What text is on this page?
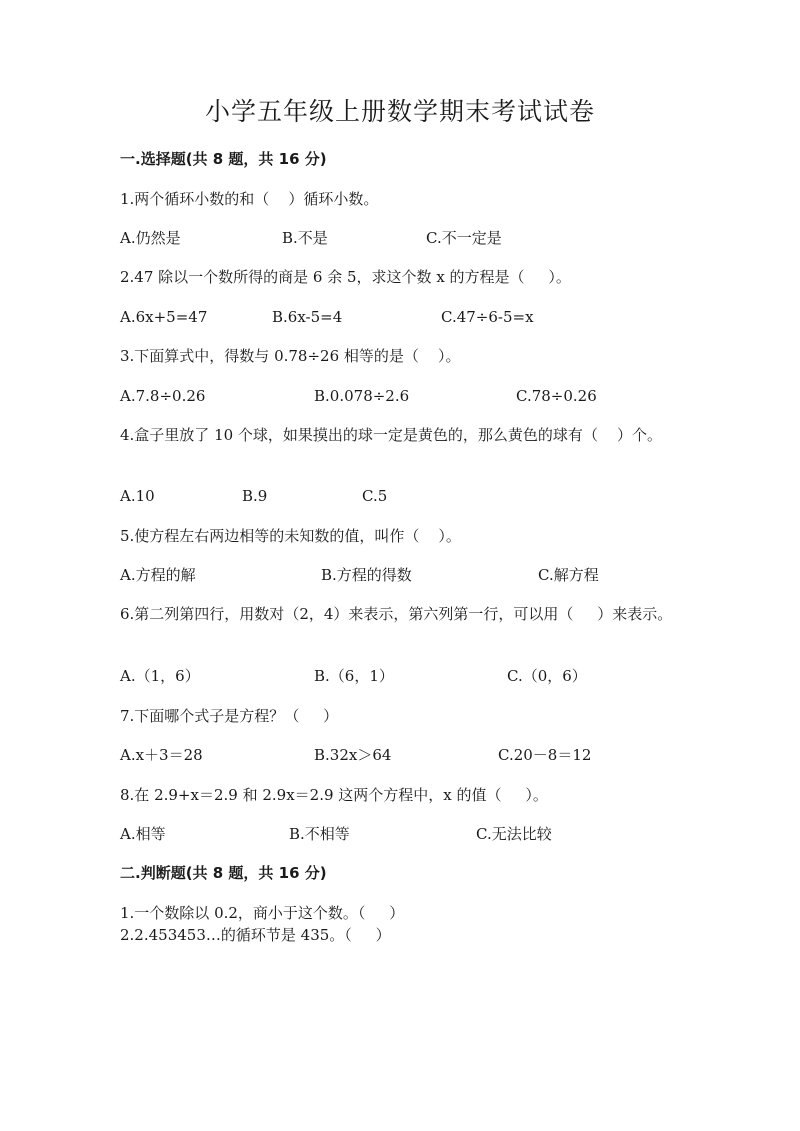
小学五年级上册数学期末考试试卷
一.选择题(共 8 题，共 16 分)
1.两个循环小数的和（    ）循环小数。
A.仍然是	B.不是	C.不一定是
2.47 除以一个数所得的商是 6 余 5，求这个数 x 的方程是（     ）。
A.6x+5=47	B.6x-5=4	C.47÷6-5=x
3.下面算式中，得数与 0.78÷26 相等的是（    ）。
A.7.8÷0.26	B.0.078÷2.6	C.78÷0.26
4.盒子里放了 10 个球，如果摸出的球一定是黄色的，那么黄色的球有（    ）个。
A.10	B.9	C.5
5.使方程左右两边相等的未知数的值，叫作（    ）。
A.方程的解	B.方程的得数	C.解方程
6.第二列第四行，用数对（2，4）来表示，第六列第一行，可以用（     ）来表示。
A.（1，6）	B.（6，1）	C.（0，6）
7.下面哪个式子是方程？（     ）
A.x＋3＝28	B.32x＞64	C.20－8＝12
8.在 2.9+x＝2.9 和 2.9x＝2.9 这两个方程中，x 的值（     ）。
A.相等	B.不相等	C.无法比较
二.判断题(共 8 题，共 16 分)
1.一个数除以 0.2，商小于这个数。（     ）
2.2.453453…的循环节是 435。（     ）
